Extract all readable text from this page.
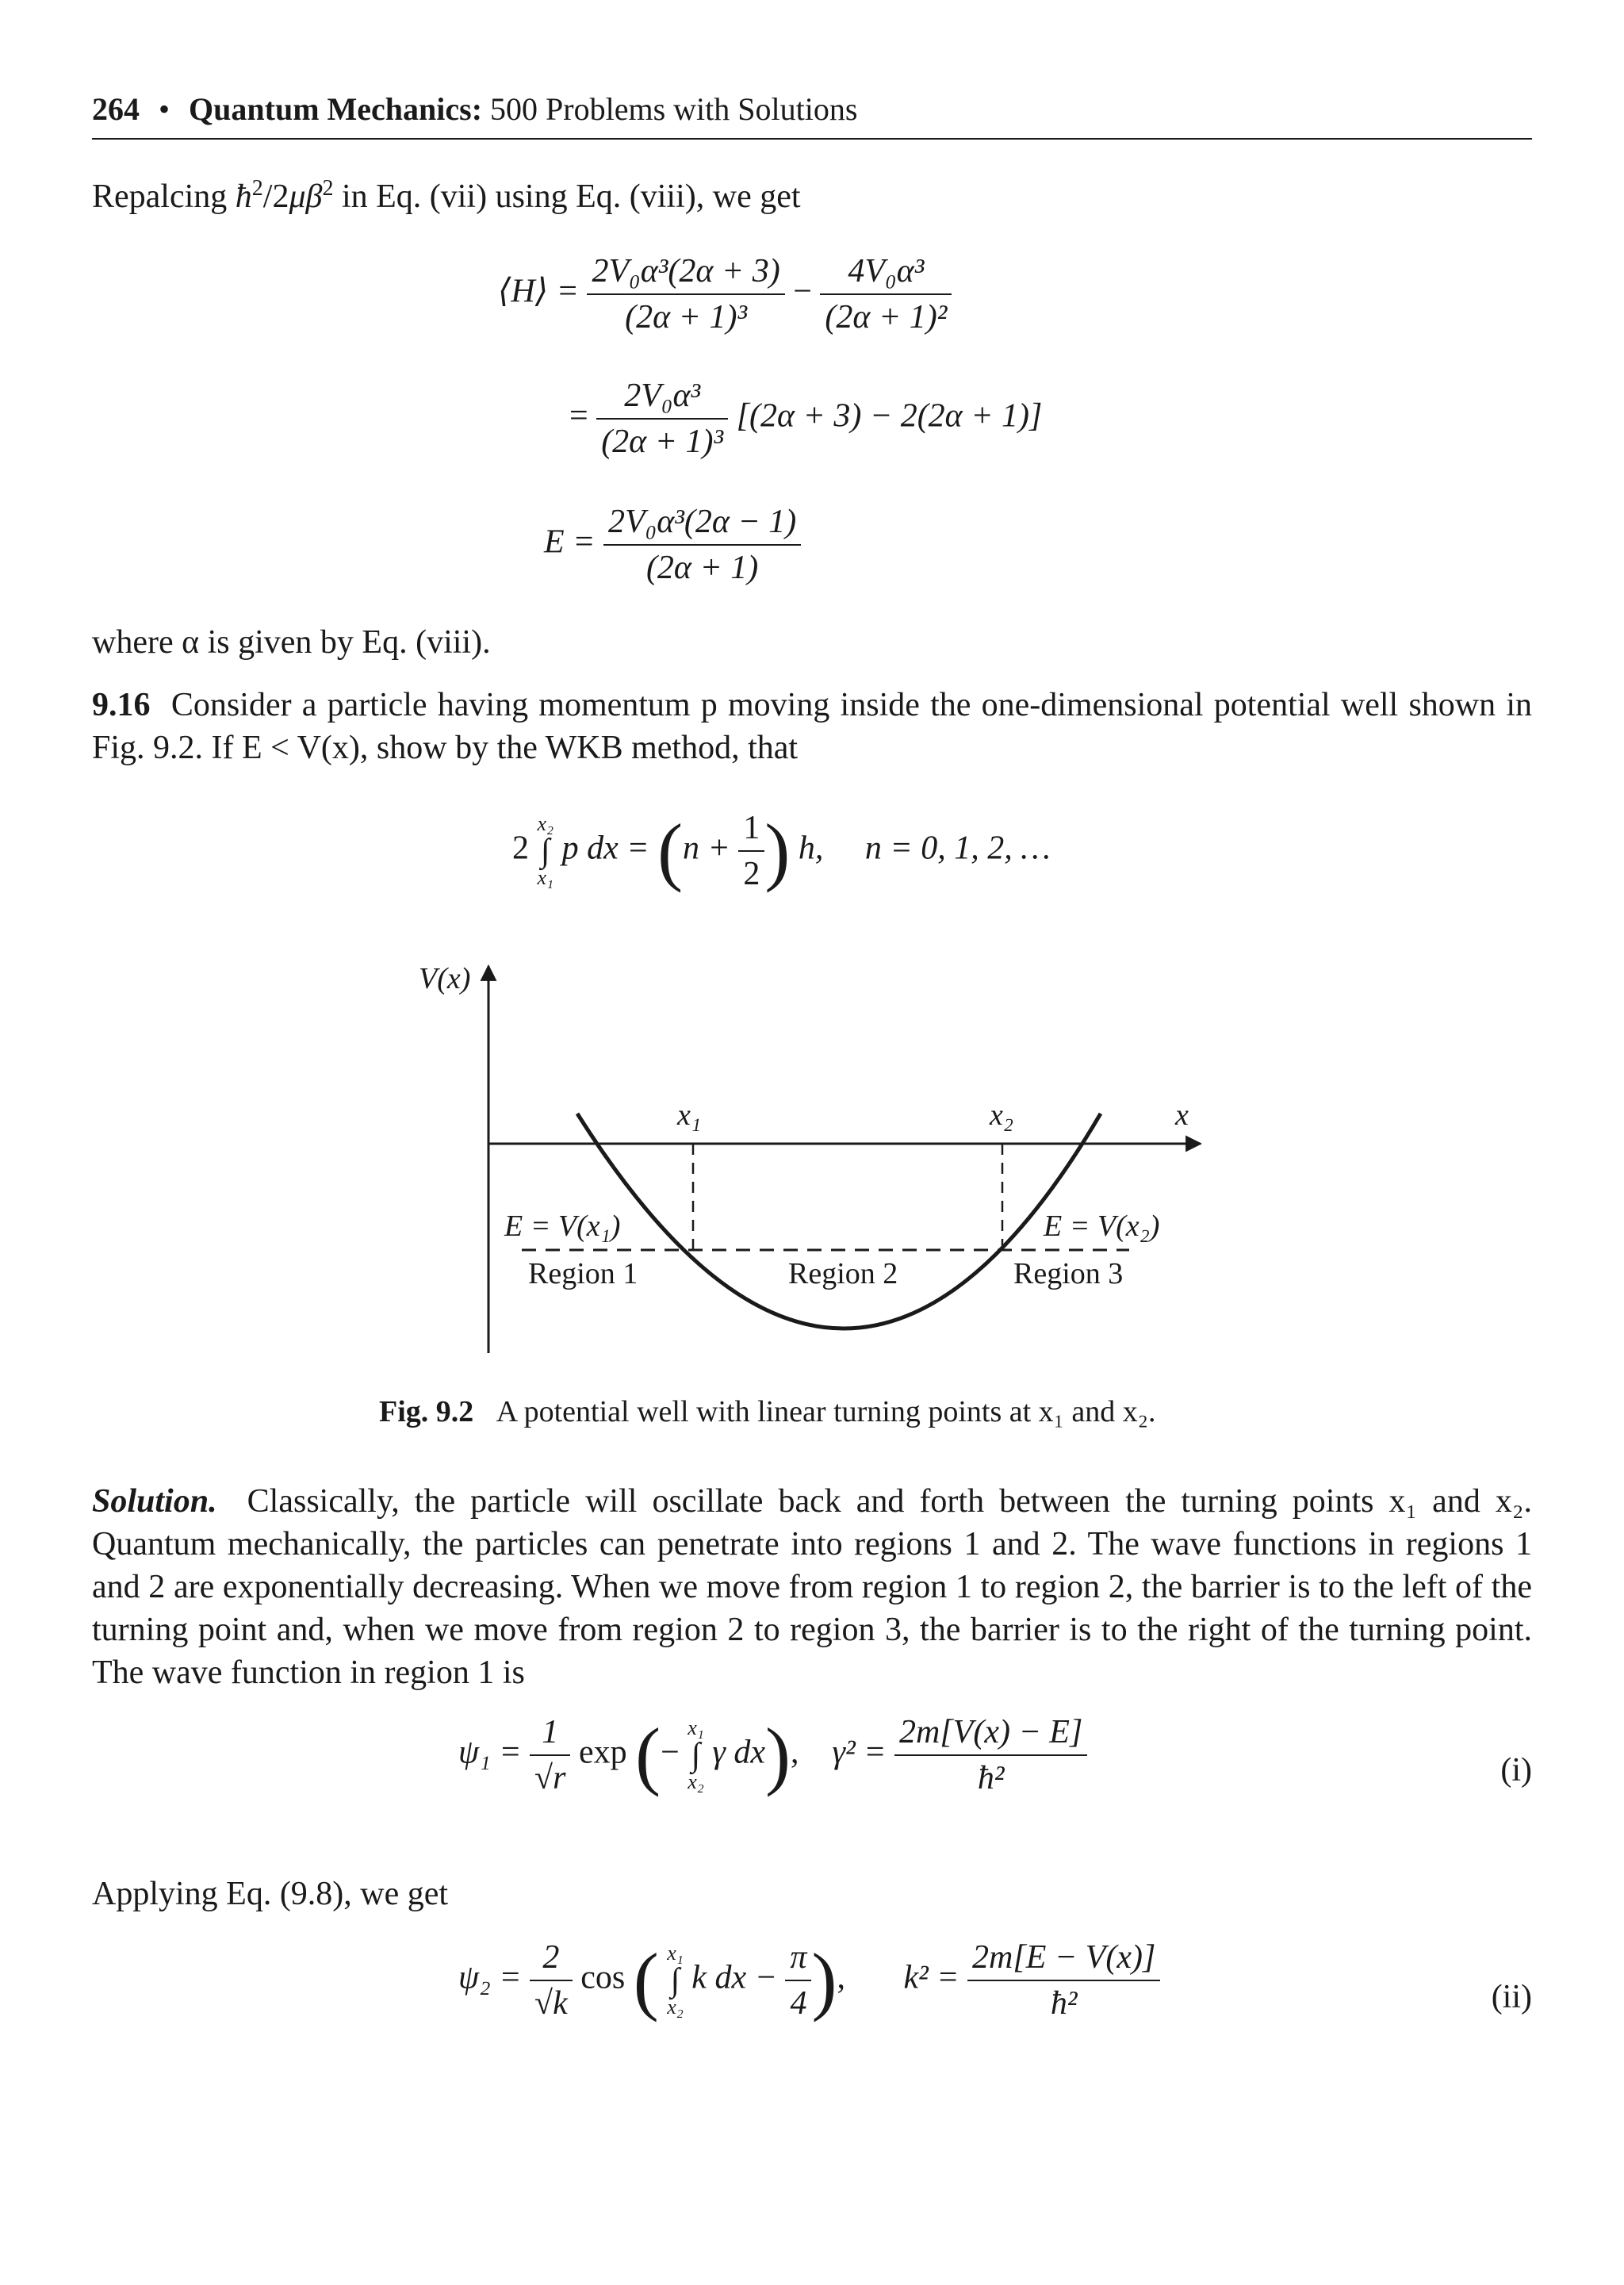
264 • Quantum Mechanics: 500 Problems with Solutions
Repalcing $ħ^2/2\mu\beta^2$ in Eq. (vii) using Eq. (viii), we get
⟨H⟩ = $\frac{\text{2V₀α³(2α + 3)}}{\text{(2α + 1)³}} - \frac{\text{4V₀α³}}{\text{(2α + 1)²}}$
= $\frac{\text{2V₀α³}}{\text{(2α + 1)³}} [(2\alpha + 3) - 2(2\alpha + 1)]$
$E = \frac{\text{2V₀α³(2α − 1)}}{(2\alpha + 1)}$
where α is given by Eq. (viii).
9.16 Consider a particle having momentum p moving inside the one-dimensional potential well shown in Fig. 9.2. If E < V(x), show by the WKB method, that
2
x₂
∫
x₁
p dx = ($n + \frac{1}{2}$ ) h, n = 0, 1, 2, …
V(x)
x
x₁	x₂
E = V(x₁)	E = V(x₂)
Region 1	Region 2	Region 3
Fig. 9.2 A potential well with linear turning points at x₁ and x₂.
Solution. Classically, the particle will oscillate back and forth between the turning points x₁ and x₂. Quantum mechanically, the particles can penetrate into regions 1 and 2. The wave functions in regions 1 and 2 are exponentially decreasing. When we move from region 1 to region 2, the barrier is to the left of the turning point and, when we move from region 2 to region 3, the barrier is to the right of the turning point. The wave function in region 1 is
$\psi_1 = \frac{1}{√r}$ exp (−
x₁
∫
x₂
γ dx), $\gamma^2 = \frac{2m[V(x) - E]}{\text{ħ²}}$	(i)
Applying Eq. (9.8), we get
$\psi_2 = \frac{2}{√k}$ cos ( x₁
∫
x₂
k dx − $\frac{\pi}{4}$ ), $k^2 = \frac{2m[E - V(x)]}{\text{ħ²}}$	(ii)
